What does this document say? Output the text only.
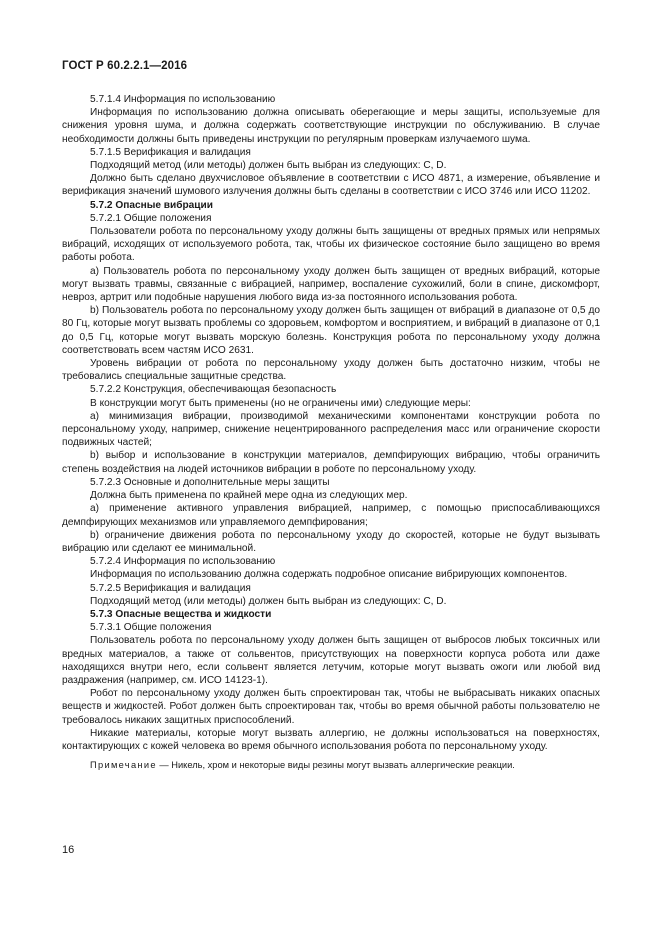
ГОСТ Р 60.2.2.1—2016

5.7.1.4 Информация по использованию

Информация по использованию должна описывать оберегающие и меры защиты, используемые для снижения уровня шума, и должна содержать соответствующие инструкции по обслуживанию. В случае необходимости должны быть приведены инструкции по регулярным проверкам излучаемого шума.

5.7.1.5 Верификация и валидация

Подходящий метод (или методы) должен быть выбран из следующих: C, D.

Должно быть сделано двухчисловое объявление в соответствии с ИСО 4871, а измерение, объявление и верификация значений шумового излучения должны быть сделаны в соответствии с ИСО 3746 или ИСО 11202.

5.7.2 Опасные вибрации

5.7.2.1 Общие положения

Пользователи робота по персональному уходу должны быть защищены от вредных прямых или непрямых вибраций, исходящих от используемого робота, так, чтобы их физическое состояние было защищено во время работы робота.

a) Пользователь робота по персональному уходу должен быть защищен от вредных вибраций, которые могут вызвать травмы, связанные с вибрацией, например, воспаление сухожилий, боли в спине, дискомфорт, невроз, артрит или подобные нарушения любого вида из-за постоянного использования робота.

b) Пользователь робота по персональному уходу должен быть защищен от вибраций в диапазоне от 0,5 до 80 Гц, которые могут вызвать проблемы со здоровьем, комфортом и восприятием, и вибраций в диапазоне от 0,1 до 0,5 Гц, которые могут вызвать морскую болезнь. Конструкция робота по персональному уходу должна соответствовать всем частям ИСО 2631.

Уровень вибрации от робота по персональному уходу должен быть достаточно низким, чтобы не требовались специальные защитные средства.

5.7.2.2 Конструкция, обеспечивающая безопасность

В конструкции могут быть применены (но не ограничены ими) следующие меры:

a) минимизация вибрации, производимой механическими компонентами конструкции робота по персональному уходу, например, снижение нецентрированного распределения масс или ограничение скорости подвижных частей;

b) выбор и использование в конструкции материалов, демпфирующих вибрацию, чтобы ограничить степень воздействия на людей источников вибрации в роботе по персональному уходу.

5.7.2.3 Основные и дополнительные меры защиты

Должна быть применена по крайней мере одна из следующих мер.

a) применение активного управления вибрацией, например, с помощью приспосабливающихся демпфирующих механизмов или управляемого демпфирования;

b) ограничение движения робота по персональному уходу до скоростей, которые не будут вызывать вибрацию или сделают ее минимальной.

5.7.2.4 Информация по использованию

Информация по использованию должна содержать подробное описание вибрирующих компонентов.

5.7.2.5 Верификация и валидация

Подходящий метод (или методы) должен быть выбран из следующих: C, D.

5.7.3 Опасные вещества и жидкости

5.7.3.1 Общие положения

Пользователь робота по персональному уходу должен быть защищен от выбросов любых токсичных или вредных материалов, а также от сольвентов, присутствующих на поверхности корпуса робота или даже находящихся внутри него, если сольвент является летучим, которые могут вызвать ожоги или любой вид раздражения (например, см. ИСО 14123-1).

Робот по персональному уходу должен быть спроектирован так, чтобы не выбрасывать никаких опасных веществ и жидкостей. Робот должен быть спроектирован так, чтобы во время обычной работы пользователю не требовалось никаких защитных приспособлений.

Никакие материалы, которые могут вызвать аллергию, не должны использоваться на поверхностях, контактирующих с кожей человека во время обычного использования робота по персональному уходу.

Примечание — Никель, хром и некоторые виды резины могут вызвать аллергические реакции.

16
